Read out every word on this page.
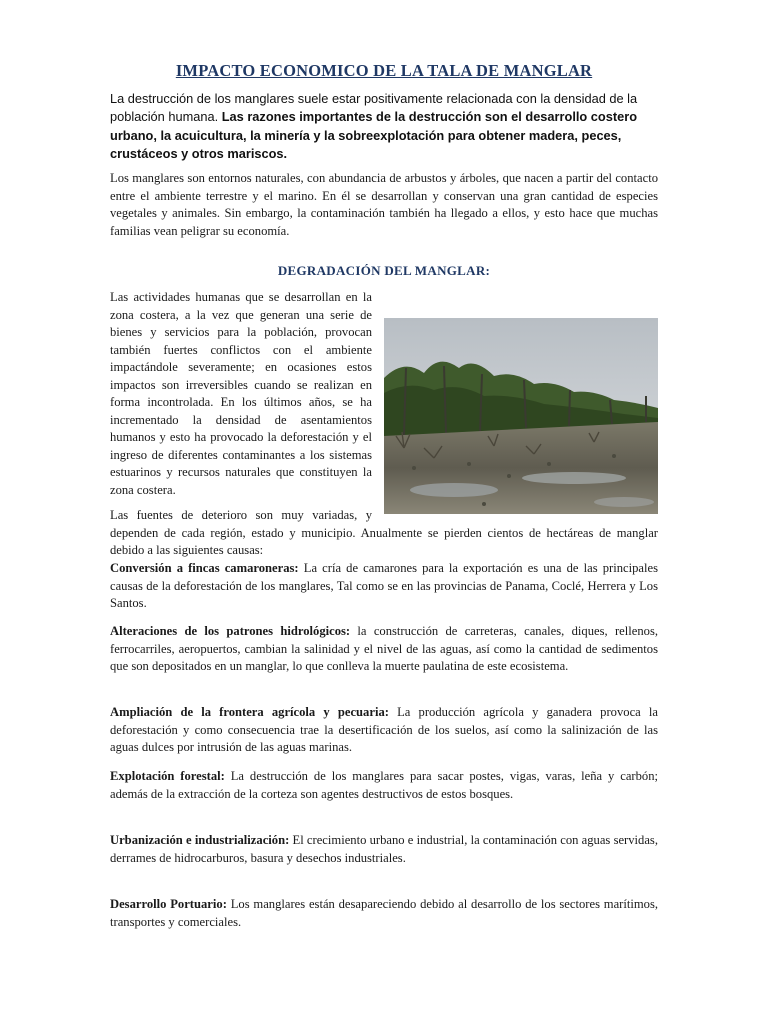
IMPACTO ECONOMICO DE LA TALA DE MANGLAR
La destrucción de los manglares suele estar positivamente relacionada con la densidad de la población humana. Las razones importantes de la destrucción son el desarrollo costero urbano, la acuicultura, la minería y la sobreexplotación para obtener madera, peces, crustáceos y otros mariscos.
Los manglares son entornos naturales, con abundancia de arbustos y árboles, que nacen a partir del contacto entre el ambiente terrestre y el marino. En él se desarrollan y conservan una gran cantidad de especies vegetales y animales. Sin embargo, la contaminación también ha llegado a ellos, y esto hace que muchas familias vean peligrar su economía.
DEGRADACIÓN DEL MANGLAR:

Las actividades humanas que se desarrollan en la zona costera, a la vez que generan una serie de bienes y servicios para la población, provocan también fuertes conflictos con el ambiente impactándole severamente; en ocasiones estos impactos son irreversibles cuando se realizan en forma incontrolada. En los últimos años, se ha incrementado la densidad de asentamientos humanos y esto ha provocado la deforestación y el ingreso de diferentes contaminantes a los sistemas estuarinos y recursos naturales que constituyen la zona costera.

Las fuentes de deterioro son muy variadas, y dependen de cada región, estado y municipio. Anualmente se pierden cientos de hectáreas de manglar debido a las siguientes causas:

Conversión a fincas camaroneras: La cría de camarones para la exportación es una de las principales causas de la deforestación de los manglares, Tal como se en las provincias de Panama, Coclé, Herrera y Los Santos.

Alteraciones de los patrones hidrológicos: la construcción de carreteras, canales, diques, rellenos, ferrocarriles, aeropuertos, cambian la salinidad y el nivel de las aguas, así como la cantidad de sedimentos que son depositados en un manglar, lo que conlleva la muerte paulatina de este ecosistema.

Ampliación de la frontera agrícola y pecuaria: La producción agrícola y ganadera provoca la deforestación y como consecuencia trae la desertificación de los suelos, así como la salinización de las aguas dulces por intrusión de las aguas marinas.

Explotación forestal: La destrucción de los manglares para sacar postes, vigas, varas, leña y carbón; además de la extracción de la corteza son agentes destructivos de estos bosques.

Urbanización e industrialización: El crecimiento urbano e industrial, la contaminación con aguas servidas, derrames de hidrocarburos, basura y desechos industriales.

Desarrollo Portuario: Los manglares están desapareciendo debido al desarrollo de los sectores marítimos, transportes y comerciales.
